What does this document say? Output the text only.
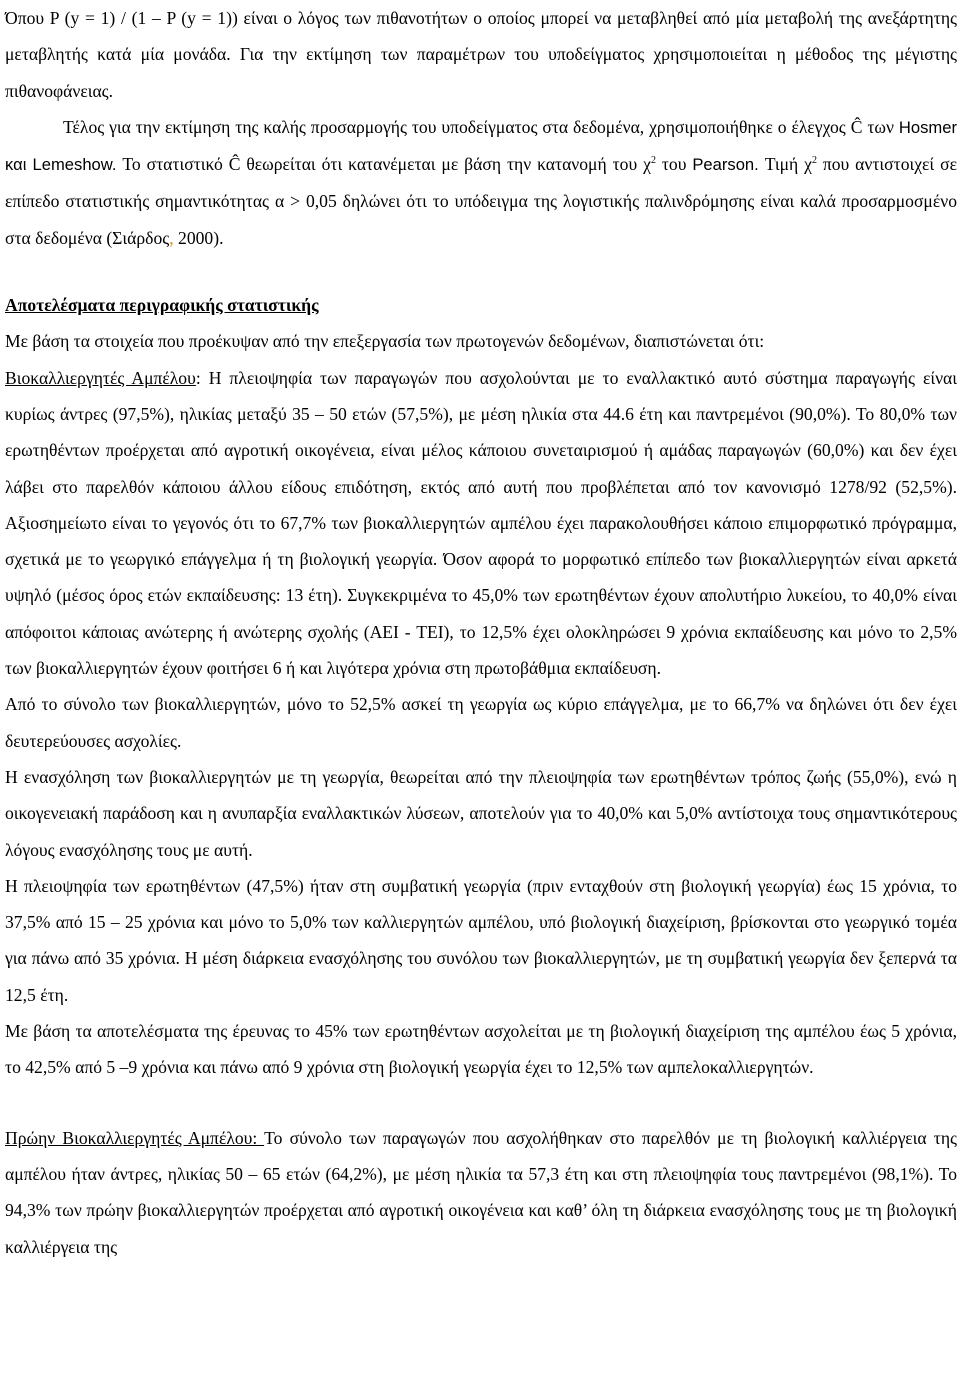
Όπου P (y = 1) / (1 – P (y = 1)) είναι ο λόγος των πιθανοτήτων ο οποίος μπορεί να μεταβληθεί από μία μεταβολή της ανεξάρτητης μεταβλητής κατά μία μονάδα. Για την εκτίμηση των παραμέτρων του υποδείγματος χρησιμοποιείται η μέθοδος της μέγιστης πιθανοφάνειας.

Τέλος για την εκτίμηση της καλής προσαρμογής του υποδείγματος στα δεδομένα, χρησιμοποιήθηκε ο έλεγχος Ĉ των Hosmer και Lemeshow. Το στατιστικό Ĉ θεωρείται ότι κατανέμεται με βάση την κατανομή του $\chi^2$ του Pearson. Τιμή $\chi^2$ που αντιστοιχεί σε επίπεδο στατιστικής σημαντικότητας α > 0,05 δηλώνει ότι το υπόδειγμα της λογιστικής παλινδρόμησης είναι καλά προσαρμοσμένο στα δεδομένα (Σιάρδος, 2000).

Αποτελέσματα περιγραφικής στατιστικής

Με βάση τα στοιχεία που προέκυψαν από την επεξεργασία των πρωτογενών δεδομένων, διαπιστώνεται ότι:

Βιοκαλλιεργητές Αμπέλου: Η πλειοψηφία των παραγωγών που ασχολούνται με το εναλλακτικό αυτό σύστημα παραγωγής είναι κυρίως άντρες (97,5%), ηλικίας μεταξύ 35 – 50 ετών (57,5%), με μέση ηλικία στα 44.6 έτη και παντρεμένοι (90,0%). Το 80,0% των ερωτηθέντων προέρχεται από αγροτική οικογένεια, είναι μέλος κάποιου συνεταιρισμού ή αμάδας παραγωγών (60,0%) και δεν έχει λάβει στο παρελθόν κάποιου άλλου είδους επιδότηση, εκτός από αυτή που προβλέπεται από τον κανονισμό 1278/92 (52,5%). Αξιοσημείωτο είναι το γεγονός ότι το 67,7% των βιοκαλλιεργητών αμπέλου έχει παρακολουθήσει κάποιο επιμορφωτικό πρόγραμμα, σχετικά με το γεωργικό επάγγελμα ή τη βιολογική γεωργία. Όσον αφορά το μορφωτικό επίπεδο των βιοκαλλιεργητών είναι αρκετά υψηλό (μέσος όρος ετών εκπαίδευσης: 13 έτη). Συγκεκριμένα το 45,0% των ερωτηθέντων έχουν απολυτήριο λυκείου, το 40,0% είναι απόφοιτοι κάποιας ανώτερης ή ανώτερης σχολής (ΑΕΙ - ΤΕΙ), το 12,5% έχει ολοκληρώσει 9 χρόνια εκπαίδευσης και μόνο το 2,5% των βιοκαλλιεργητών έχουν φοιτήσει 6 ή και λιγότερα χρόνια στη πρωτοβάθμια εκπαίδευση.

Από το σύνολο των βιοκαλλιεργητών, μόνο το 52,5% ασκεί τη γεωργία ως κύριο επάγγελμα, με το 66,7% να δηλώνει ότι δεν έχει δευτερεύουσες ασχολίες.

Η ενασχόληση των βιοκαλλιεργητών με τη γεωργία, θεωρείται από την πλειοψηφία των ερωτηθέντων τρόπος ζωής (55,0%), ενώ η οικογενειακή παράδοση και η ανυπαρξία εναλλακτικών λύσεων, αποτελούν για το 40,0% και 5,0% αντίστοιχα τους σημαντικότερους λόγους ενασχόλησης τους με αυτή.

Η πλειοψηφία των ερωτηθέντων (47,5%) ήταν στη συμβατική γεωργία (πριν ενταχθούν στη βιολογική γεωργία) έως 15 χρόνια, το 37,5% από 15 – 25 χρόνια και μόνο το 5,0% των καλλιεργητών αμπέλου, υπό βιολογική διαχείριση, βρίσκονται στο γεωργικό τομέα για πάνω από 35 χρόνια. Η μέση διάρκεια ενασχόλησης του συνόλου των βιοκαλλιεργητών, με τη συμβατική γεωργία δεν ξεπερνά τα 12,5 έτη.

Με βάση τα αποτελέσματα της έρευνας το 45% των ερωτηθέντων ασχολείται με τη βιολογική διαχείριση της αμπέλου έως 5 χρόνια, το 42,5% από 5 –9 χρόνια και πάνω από 9 χρόνια στη βιολογική γεωργία έχει το 12,5% των αμπελοκαλλιεργητών.

Πρώην Βιοκαλλιεργητές Αμπέλου: Το σύνολο των παραγωγών που ασχολήθηκαν στο παρελθόν με τη βιολογική καλλιέργεια της αμπέλου ήταν άντρες, ηλικίας 50 – 65 ετών (64,2%), με μέση ηλικία τα 57,3 έτη και στη πλειοψηφία τους παντρεμένοι (98,1%). Το 94,3% των πρώην βιοκαλλιεργητών προέρχεται από αγροτική οικογένεια και καθ’ όλη τη διάρκεια ενασχόλησης τους με τη βιολογική καλλιέργεια της
